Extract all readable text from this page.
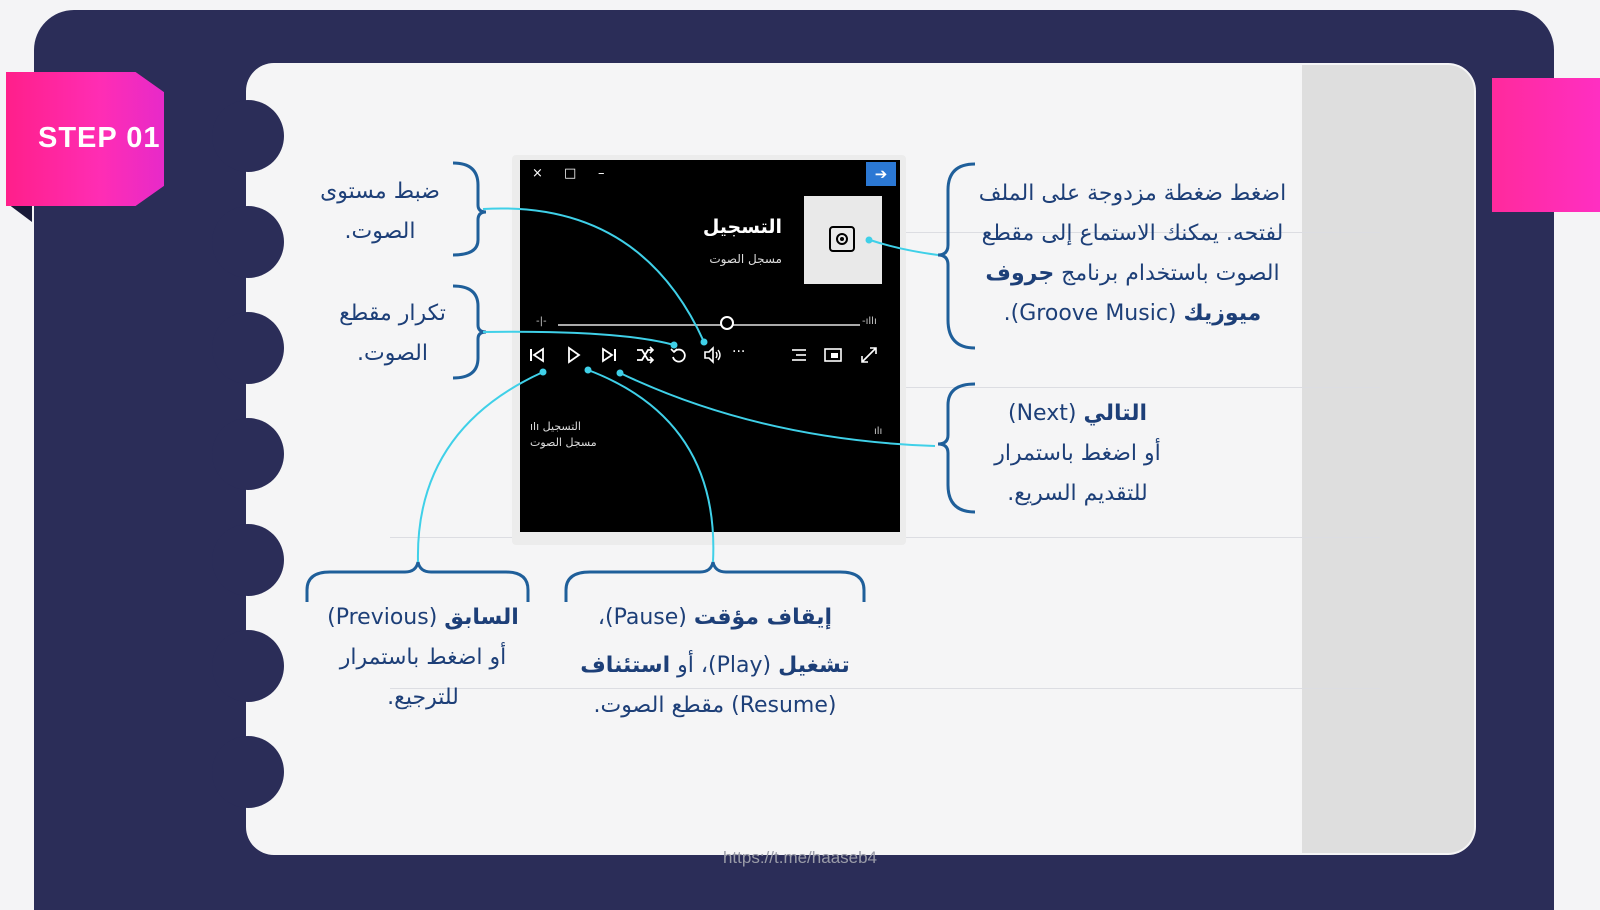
STEP 01
× □ –	➔
التسجيل
مسجل الصوت
-|-	-ıllı
···
التسجيل ılı
مسجل الصوت
ılı
ضبط مستوى
الصوت.
تكرار مقطع
الصوت.
اضغط ضغطة مزدوجة على الملف
لفتحه. يمكنك الاستماع إلى مقطع
الصوت باستخدام برنامج جروف
ميوزيك (Groove Music).
التالي (Next)
أو اضغط باستمرار
للتقديم السريع.
السابق (Previous)
أو اضغط باستمرار
للترجيع.
إيقاف مؤقت (Pause)،
تشغيل (Play)، أو استئناف
(Resume) مقطع الصوت.
https://t.me/haaseb4
